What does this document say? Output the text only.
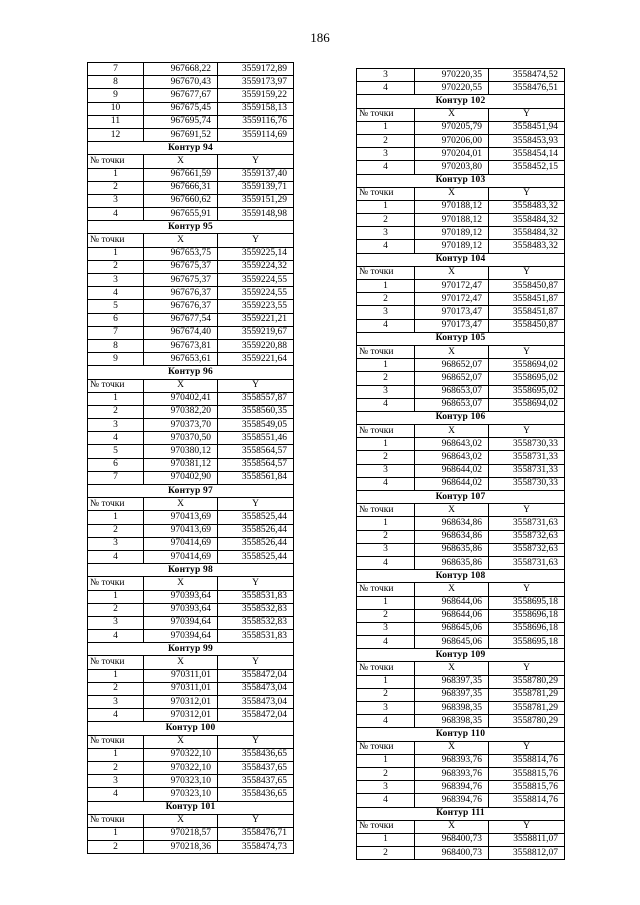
186
7	967668,22	3559172,89
8	967670,43	3559173,97
9	967677,67	3559159,22
10	967675,45	3559158,13
11	967695,74	3559116,76
12	967691,52	3559114,69
Контур 94		
№ точки	X	Y
1	967661,59	3559137,40
2	967666,31	3559139,71
3	967660,62	3559151,29
4	967655,91	3559148,98
Контур 95		
№ точки	X	Y
1	967653,75	3559225,14
2	967675,37	3559224,32
3	967675,37	3559224,55
4	967676,37	3559224,55
5	967676,37	3559223,55
6	967677,54	3559221,21
7	967674,40	3559219,67
8	967673,81	3559220,88
9	967653,61	3559221,64
Контур 96		
№ точки	X	Y
1	970402,41	3558557,87
2	970382,20	3558560,35
3	970373,70	3558549,05
4	970370,50	3558551,46
5	970380,12	3558564,57
6	970381,12	3558564,57
7	970402,90	3558561,84
Контур 97		
№ точки	X	Y
1	970413,69	3558525,44
2	970413,69	3558526,44
3	970414,69	3558526,44
4	970414,69	3558525,44
Контур 98		
№ точки	X	Y
1	970393,64	3558531,83
2	970393,64	3558532,83
3	970394,64	3558532,83
4	970394,64	3558531,83
Контур 99		
№ точки	X	Y
1	970311,01	3558472,04
2	970311,01	3558473,04
3	970312,01	3558473,04
4	970312,01	3558472,04
Контур 100		
№ точки	X	Y
1	970322,10	3558436,65
2	970322,10	3558437,65
3	970323,10	3558437,65
4	970323,10	3558436,65
Контур 101		
№ точки	X	Y
1	970218,57	3558476,71
2	970218,36	3558474,73
3	970220,35	3558474,52
4	970220,55	3558476,51
Контур 102		
№ точки	X	Y
1	970205,79	3558451,94
2	970206,00	3558453,93
3	970204,01	3558454,14
4	970203,80	3558452,15
Контур 103		
№ точки	X	Y
1	970188,12	3558483,32
2	970188,12	3558484,32
3	970189,12	3558484,32
4	970189,12	3558483,32
Контур 104		
№ точки	X	Y
1	970172,47	3558450,87
2	970172,47	3558451,87
3	970173,47	3558451,87
4	970173,47	3558450,87
Контур 105		
№ точки	X	Y
1	968652,07	3558694,02
2	968652,07	3558695,02
3	968653,07	3558695,02
4	968653,07	3558694,02
Контур 106		
№ точки	X	Y
1	968643,02	3558730,33
2	968643,02	3558731,33
3	968644,02	3558731,33
4	968644,02	3558730,33
Контур 107		
№ точки	X	Y
1	968634,86	3558731,63
2	968634,86	3558732,63
3	968635,86	3558732,63
4	968635,86	3558731,63
Контур 108		
№ точки	X	Y
1	968644,06	3558695,18
2	968644,06	3558696,18
3	968645,06	3558696,18
4	968645,06	3558695,18
Контур 109		
№ точки	X	Y
1	968397,35	3558780,29
2	968397,35	3558781,29
3	968398,35	3558781,29
4	968398,35	3558780,29
Контур 110		
№ точки	X	Y
1	968393,76	3558814,76
2	968393,76	3558815,76
3	968394,76	3558815,76
4	968394,76	3558814,76
Контур 111		
№ точки	X	Y
1	968400,73	3558811,07
2	968400,73	3558812,07
